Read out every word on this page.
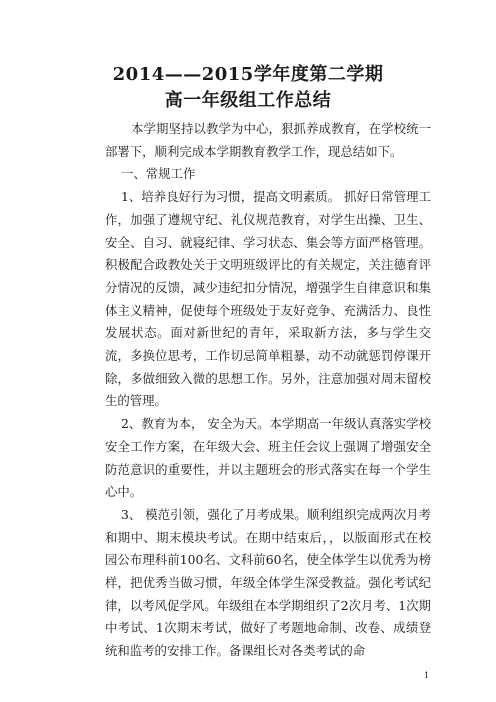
2014——2015学年度第二学期
高一年级组工作总结

本学期坚持以教学为中心，狠抓养成教育，在学校统一部署下，顺利完成本学期教育教学工作，现总结如下。

一、常规工作

1、培养良好行为习惯，提高文明素质。 抓好日常管理工作，加强了遵规守纪、礼仪规范教育，对学生出操、卫生、安全、自习、就寝纪律、学习状态、集会等方面严格管理。积极配合政教处关于文明班级评比的有关规定，关注德育评分情况的反馈，减少违纪扣分情况，增强学生自律意识和集体主义精神，促使每个班级处于友好竞争、充满活力、良性发展状态。面对新世纪的青年，采取新方法，多与学生交流，多换位思考，工作切忌简单粗暴，动不动就惩罚停课开除，多做细致入微的思想工作。另外，注意加强对周末留校生的管理。

2、教育为本， 安全为天。本学期高一年级认真落实学校安全工作方案，在年级大会、班主任会议上强调了增强安全防范意识的重要性，并以主题班会的形式落实在每一个学生心中。

3、 模范引领，强化了月考成果。顺利组织完成两次月考和期中、期末模块考试。在期中结束后，，以版面形式在校园公布理科前100名、文科前60名，使全体学生以优秀为榜样，把优秀当做习惯，年级全体学生深受教益。强化考试纪律，以考风促学风。年级组在本学期组织了2次月考、1次期中考试、1次期末考试，做好了考题地命制、改卷、成绩登统和监考的安排工作。备课组长对各类考试的命

1
